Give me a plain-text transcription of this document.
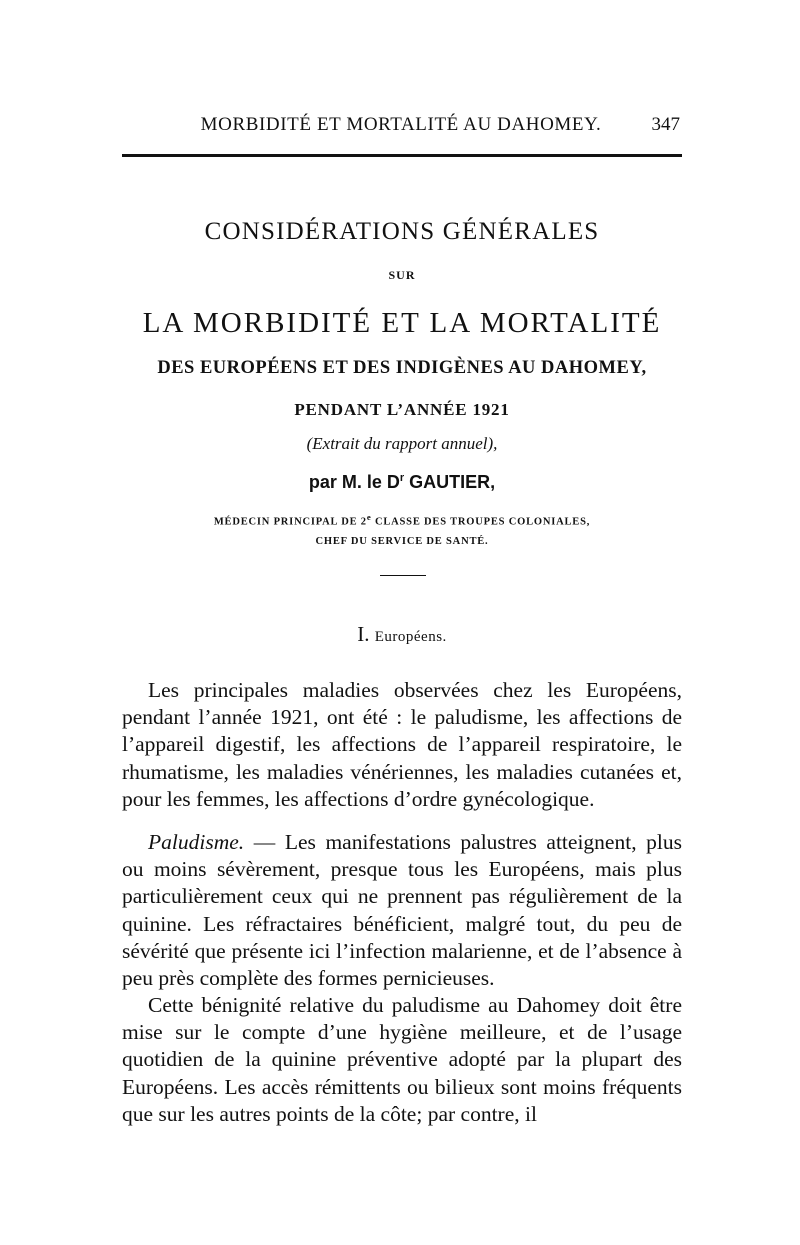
MORBIDITÉ ET MORTALITÉ AU DAHOMEY.	347
CONSIDÉRATIONS GÉNÉRALES
SUR
LA MORBIDITÉ ET LA MORTALITÉ
DES EUROPÉENS ET DES INDIGÈNES AU DAHOMEY,
PENDANT L’ANNÉE 1921
(Extrait du rapport annuel),
par M. le $D^r$ GAUTIER,
MÉDECIN PRINCIPAL DE 2e CLASSE DES TROUPES COLONIALES,
CHEF DU SERVICE DE SANTÉ.
I. Européens.
Les principales maladies observées chez les Européens, pendant l’année 1921, ont été : le paludisme, les affections de l’appareil digestif, les affections de l’appareil respiratoire, le rhumatisme, les maladies vénériennes, les maladies cutanées et, pour les femmes, les affections d’ordre gynécologique.
Paludisme. — Les manifestations palustres atteignent, plus ou moins sévèrement, presque tous les Européens, mais plus particulièrement ceux qui ne prennent pas régulièrement de la quinine. Les réfractaires bénéficient, malgré tout, du peu de sévérité que présente ici l’infection malarienne, et de l’absence à peu près complète des formes pernicieuses.
Cette bénignité relative du paludisme au Dahomey doit être mise sur le compte d’une hygiène meilleure, et de l’usage quotidien de la quinine préventive adopté par la plupart des Européens. Les accès rémittents ou bilieux sont moins fréquents que sur les autres points de la côte; par contre, il
